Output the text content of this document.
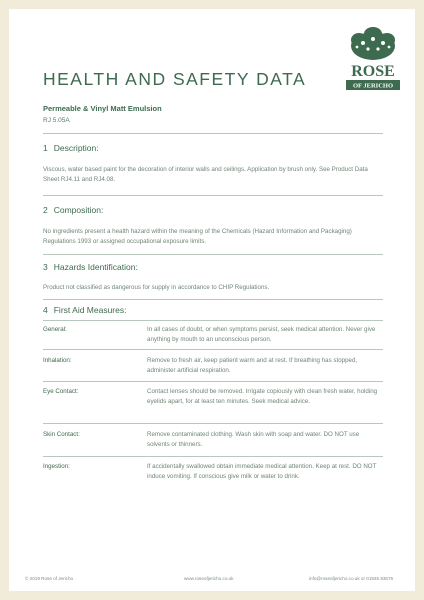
ROSE
OF JERICHO
HEALTH AND SAFETY DATA
Permeable & Vinyl Matt Emulsion
RJ 5.05A
1 Description:
Viscous, water based paint for the decoration of interior walls and ceilings. Application by brush only. See Product Data Sheet RJ4.11 and RJ4.08.
2 Composition:
No ingredients present a health hazard within the meaning of the Chemicals (Hazard Information and Packaging) Regulations 1993 or assigned occupational exposure limits.
3 Hazards Identification:
Product not classified as dangerous for supply in accordance to CHIP Regulations.
4 First Aid Measures:
General:	In all cases of doubt, or when symptoms persist, seek medical attention. Never give anything by mouth to an unconscious person.
Inhalation:	Remove to fresh air, keep patient warm and at rest. If breathing has stopped, administer artificial respiration.
Eye Contact:	Contact lenses should be removed. Irrigate copiously with clean fresh water, holding eyelids apart, for at least ten minutes. Seek medical advice.
Skin Contact:	Remove contaminated clothing. Wash skin with soap and water. DO NOT use solvents or thinners.
Ingestion:	If accidentally swallowed obtain immediate medical attention. Keep at rest. DO NOT induce vomiting. If conscious give milk or water to drink.
© 2019 Rose of Jericho	www.roseofjericho.co.uk	info@roseofjericho.co.uk or 01935 83676
